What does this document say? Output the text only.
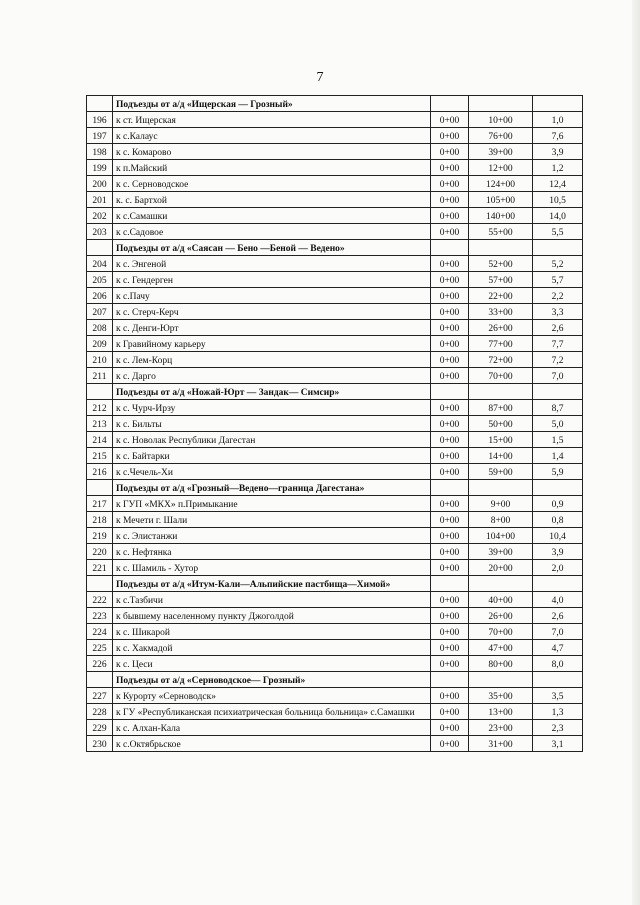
7
	Подъезды от а/д «Ищерская — Грозный»			
196	к ст. Ищерская	0+00	10+00	1,0
197	к с.Калаус	0+00	76+00	7,6
198	к с. Комарово	0+00	39+00	3,9
199	к п.Майский	0+00	12+00	1,2
200	к с. Серноводское	0+00	124+00	12,4
201	к. с. Бартхой	0+00	105+00	10,5
202	к с.Самашки	0+00	140+00	14,0
203	к с.Садовое	0+00	55+00	5,5
	Подъезды от а/д «Саясан — Бено —Беной — Ведено»			
204	к с. Энгеной	0+00	52+00	5,2
205	к с. Гендерген	0+00	57+00	5,7
206	к с.Пачу	0+00	22+00	2,2
207	к с. Стерч-Керч	0+00	33+00	3,3
208	к с. Денги-Юрт	0+00	26+00	2,6
209	к Гравийному карьеру	0+00	77+00	7,7
210	к с. Лем-Корц	0+00	72+00	7,2
211	к с. Дарго	0+00	70+00	7,0
	Подъезды от а/д «Ножай-Юрт — Зандак— Симсир»			
212	к с. Чурч-Ирзу	0+00	87+00	8,7
213	к с. Бильты	0+00	50+00	5,0
214	к с. Новолак Республики Дагестан	0+00	15+00	1,5
215	к с. Байтарки	0+00	14+00	1,4
216	к с.Чечель-Хи	0+00	59+00	5,9
	Подъезды от а/д «Грозный—Ведено—граница Дагестана»			
217	к ГУП «МКХ» п.Примыкание	0+00	9+00	0,9
218	к Мечети г. Шали	0+00	8+00	0,8
219	к с. Элистанжи	0+00	104+00	10,4
220	к с. Нефтянка	0+00	39+00	3,9
221	к с. Шамиль - Хутор	0+00	20+00	2,0
	Подъезды от а/д «Итум-Кали—Альпийские пастбища—Химой»			
222	к с.Тазбичи	0+00	40+00	4,0
223	к бывшему населенному пункту Джоголдой	0+00	26+00	2,6
224	к с. Шикарой	0+00	70+00	7,0
225	к с. Хакмадой	0+00	47+00	4,7
226	к с. Цеси	0+00	80+00	8,0
	Подъезды от а/д «Серноводское— Грозный»			
227	к Курорту «Серноводск»	0+00	35+00	3,5
228	к ГУ «Республиканская психиатрическая больница больница» с.Самашки	0+00	13+00	1,3
229	к с. Алхан-Кала	0+00	23+00	2,3
230	к с.Октябрьское	0+00	31+00	3,1
